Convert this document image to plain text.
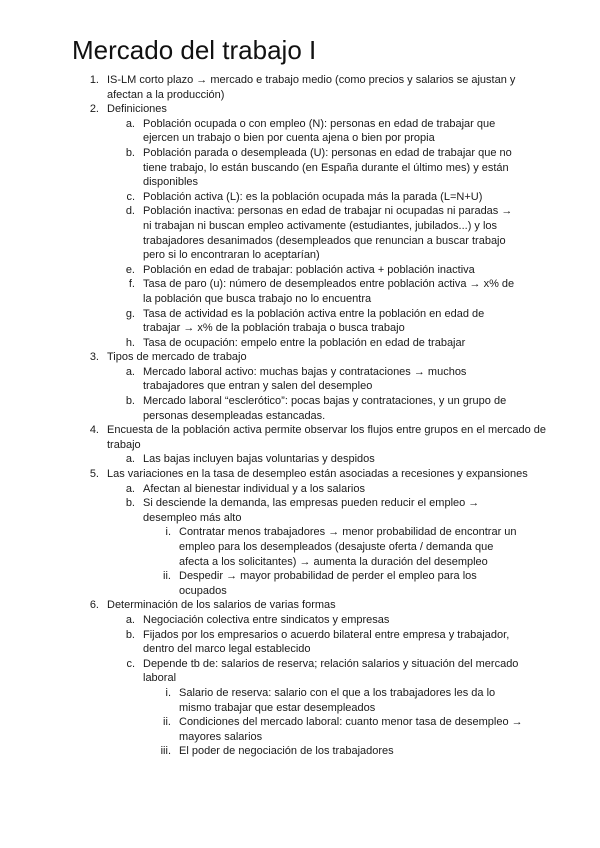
Mercado del trabajo I
1. IS-LM corto plazo → mercado e trabajo medio (como precios y salarios se ajustan y afectan a la producción)
2. Definiciones
a. Población ocupada o con empleo (N): personas en edad de trabajar que ejercen un trabajo o bien por cuenta ajena o bien por propia
b. Población parada o desempleada (U): personas en edad de trabajar que no tiene trabajo, lo están buscando (en España durante el último mes) y están disponibles
c. Población activa (L): es la población ocupada más la parada (L=N+U)
d. Población inactiva: personas en edad de trabajar ni ocupadas ni paradas → ni trabajan ni buscan empleo activamente (estudiantes, jubilados...) y los trabajadores desanimados (desempleados que renuncian a buscar trabajo pero si lo encontraran lo aceptarían)
e. Población en edad de trabajar: población activa + población inactiva
f. Tasa de paro (u): número de desempleados entre población activa → x% de la población que busca trabajo no lo encuentra
g. Tasa de actividad es la población activa entre la población en edad de trabajar → x% de la población trabaja o busca trabajo
h. Tasa de ocupación: empelo entre la población en edad de trabajar
3. Tipos de mercado de trabajo
a. Mercado laboral activo: muchas bajas y contrataciones → muchos trabajadores que entran y salen del desempleo
b. Mercado laboral “esclerótico”: pocas bajas y contrataciones, y un grupo de personas desempleadas estancadas.
4. Encuesta de la población activa permite observar los flujos entre grupos en el mercado de trabajo
a. Las bajas incluyen bajas voluntarias y despidos
5. Las variaciones en la tasa de desempleo están asociadas a recesiones y expansiones
a. Afectan al bienestar individual y a los salarios
b. Si desciende la demanda, las empresas pueden reducir el empleo → desempleo más alto
i. Contratar menos trabajadores → menor probabilidad de encontrar un empleo para los desempleados (desajuste oferta / demanda que afecta a los solicitantes) → aumenta la duración del desempleo
ii. Despedir → mayor probabilidad de perder el empleo para los ocupados
6. Determinación de los salarios de varias formas
a. Negociación colectiva entre sindicatos y empresas
b. Fijados por los empresarios o acuerdo bilateral entre empresa y trabajador, dentro del marco legal establecido
c. Depende tb de: salarios de reserva; relación salarios y situación del mercado laboral
i. Salario de reserva: salario con el que a los trabajadores les da lo mismo trabajar que estar desempleados
ii. Condiciones del mercado laboral: cuanto menor tasa de desempleo → mayores salarios
iii. El poder de negociación de los trabajadores
